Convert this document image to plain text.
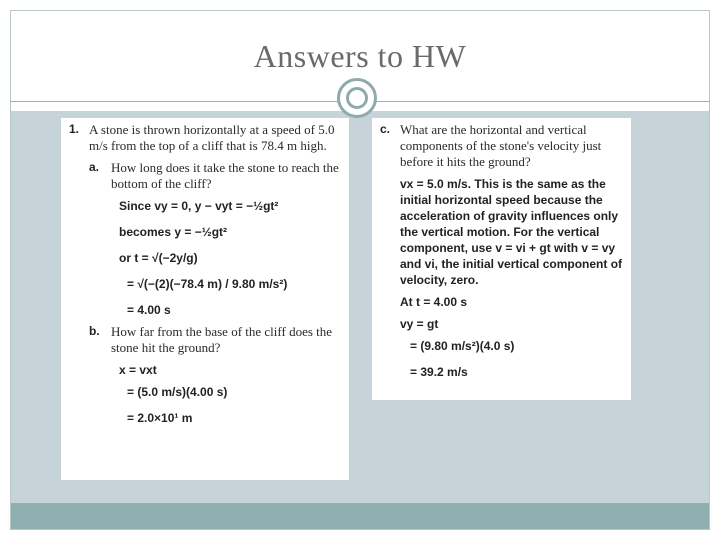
Answers to HW
1. A stone is thrown horizontally at a speed of 5.0 m/s from the top of a cliff that is 78.4 m high.
a. How long does it take the stone to reach the bottom of the cliff?
Since vy = 0, y − vyt = −½gt²
becomes y = −½gt²
or t = √(−2y/g)
= √(−(2)(−78.4 m) / 9.80 m/s²)
= 4.00 s
b. How far from the base of the cliff does the stone hit the ground?
x = vxt
= (5.0 m/s)(4.00 s)
= 2.0×10¹ m
c. What are the horizontal and vertical components of the stone's velocity just before it hits the ground?
vx = 5.0 m/s. This is the same as the initial horizontal speed because the acceleration of gravity influences only the vertical motion. For the vertical component, use v = vi + gt with v = vy and vi, the initial vertical component of velocity, zero.
At t = 4.00 s
vy = gt
= (9.80 m/s²)(4.0 s)
= 39.2 m/s
